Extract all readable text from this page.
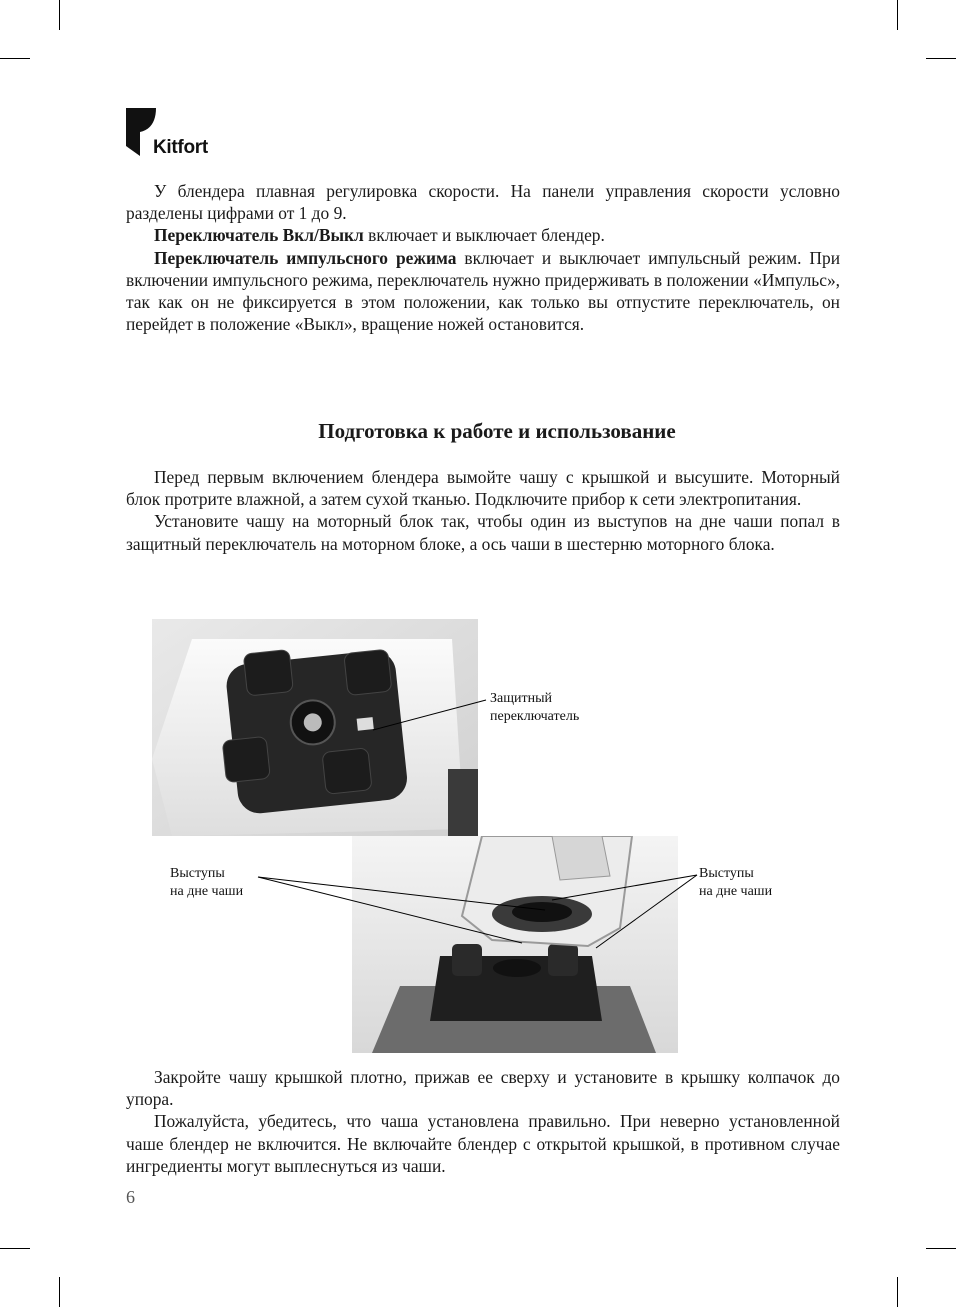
Kitfort

У блендера плавная регулировка скорости. На панели управления скорости условно разделены цифрами от 1 до 9.

Переключатель Вкл/Выкл включает и выключает блендер.

Переключатель импульсного режима включает и выключает импульсный режим. При включении импульсного режима, переключатель нужно придерживать в положении «Импульс», так как он не фиксируется в этом положении, как только вы отпустите переключатель, он перейдет в положение «Выкл», вращение ножей остановится.

Подготовка к работе и использование

Перед первым включением блендера вымойте чашу с крышкой и высушите. Моторный блок протрите влажной, а затем сухой тканью. Подключите прибор к сети электропитания.

Установите чашу на моторный блок так, чтобы один из выступов на дне чаши попал в защитный переключатель на моторном блоке, а ось чаши в шестерню моторного блока.

Защитный
переключатель
Выступы
на дне чаши
Выступы
на дне чаши

Закройте чашу крышкой плотно, прижав ее сверху и установите в крышку колпачок до упора.

Пожалуйста, убедитесь, что чаша установлена правильно. При неверно установленной чаше блендер не включится. Не включайте блендер с открытой крышкой, в противном случае ингредиенты могут выплеснуться из чаши.

6
